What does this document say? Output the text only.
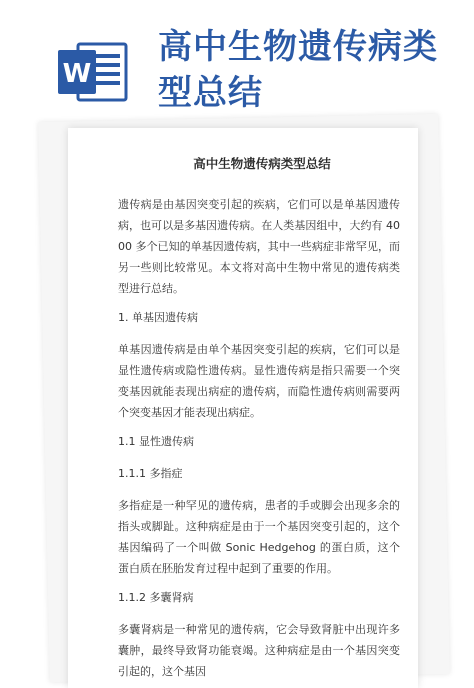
W
高中生物遗传病类型总结
高中生物遗传病类型总结
遗传病是由基因突变引起的疾病，它们可以是单基因遗传病，也可以是多基因遗传病。在人类基因组中，大约有 4000 多个已知的单基因遗传病，其中一些病症非常罕见，而另一些则比较常见。本文将对高中生物中常见的遗传病类型进行总结。
1. 单基因遗传病
单基因遗传病是由单个基因突变引起的疾病，它们可以是显性遗传病或隐性遗传病。显性遗传病是指只需要一个突变基因就能表现出病症的遗传病，而隐性遗传病则需要两个突变基因才能表现出病症。
1.1 显性遗传病
1.1.1 多指症
多指症是一种罕见的遗传病，患者的手或脚会出现多余的指头或脚趾。这种病症是由于一个基因突变引起的，这个基因编码了一个叫做 Sonic Hedgehog 的蛋白质，这个蛋白质在胚胎发育过程中起到了重要的作用。
1.1.2 多囊肾病
多囊肾病是一种常见的遗传病，它会导致肾脏中出现许多囊肿，最终导致肾功能衰竭。这种病症是由一个基因突变引起的，这个基因
